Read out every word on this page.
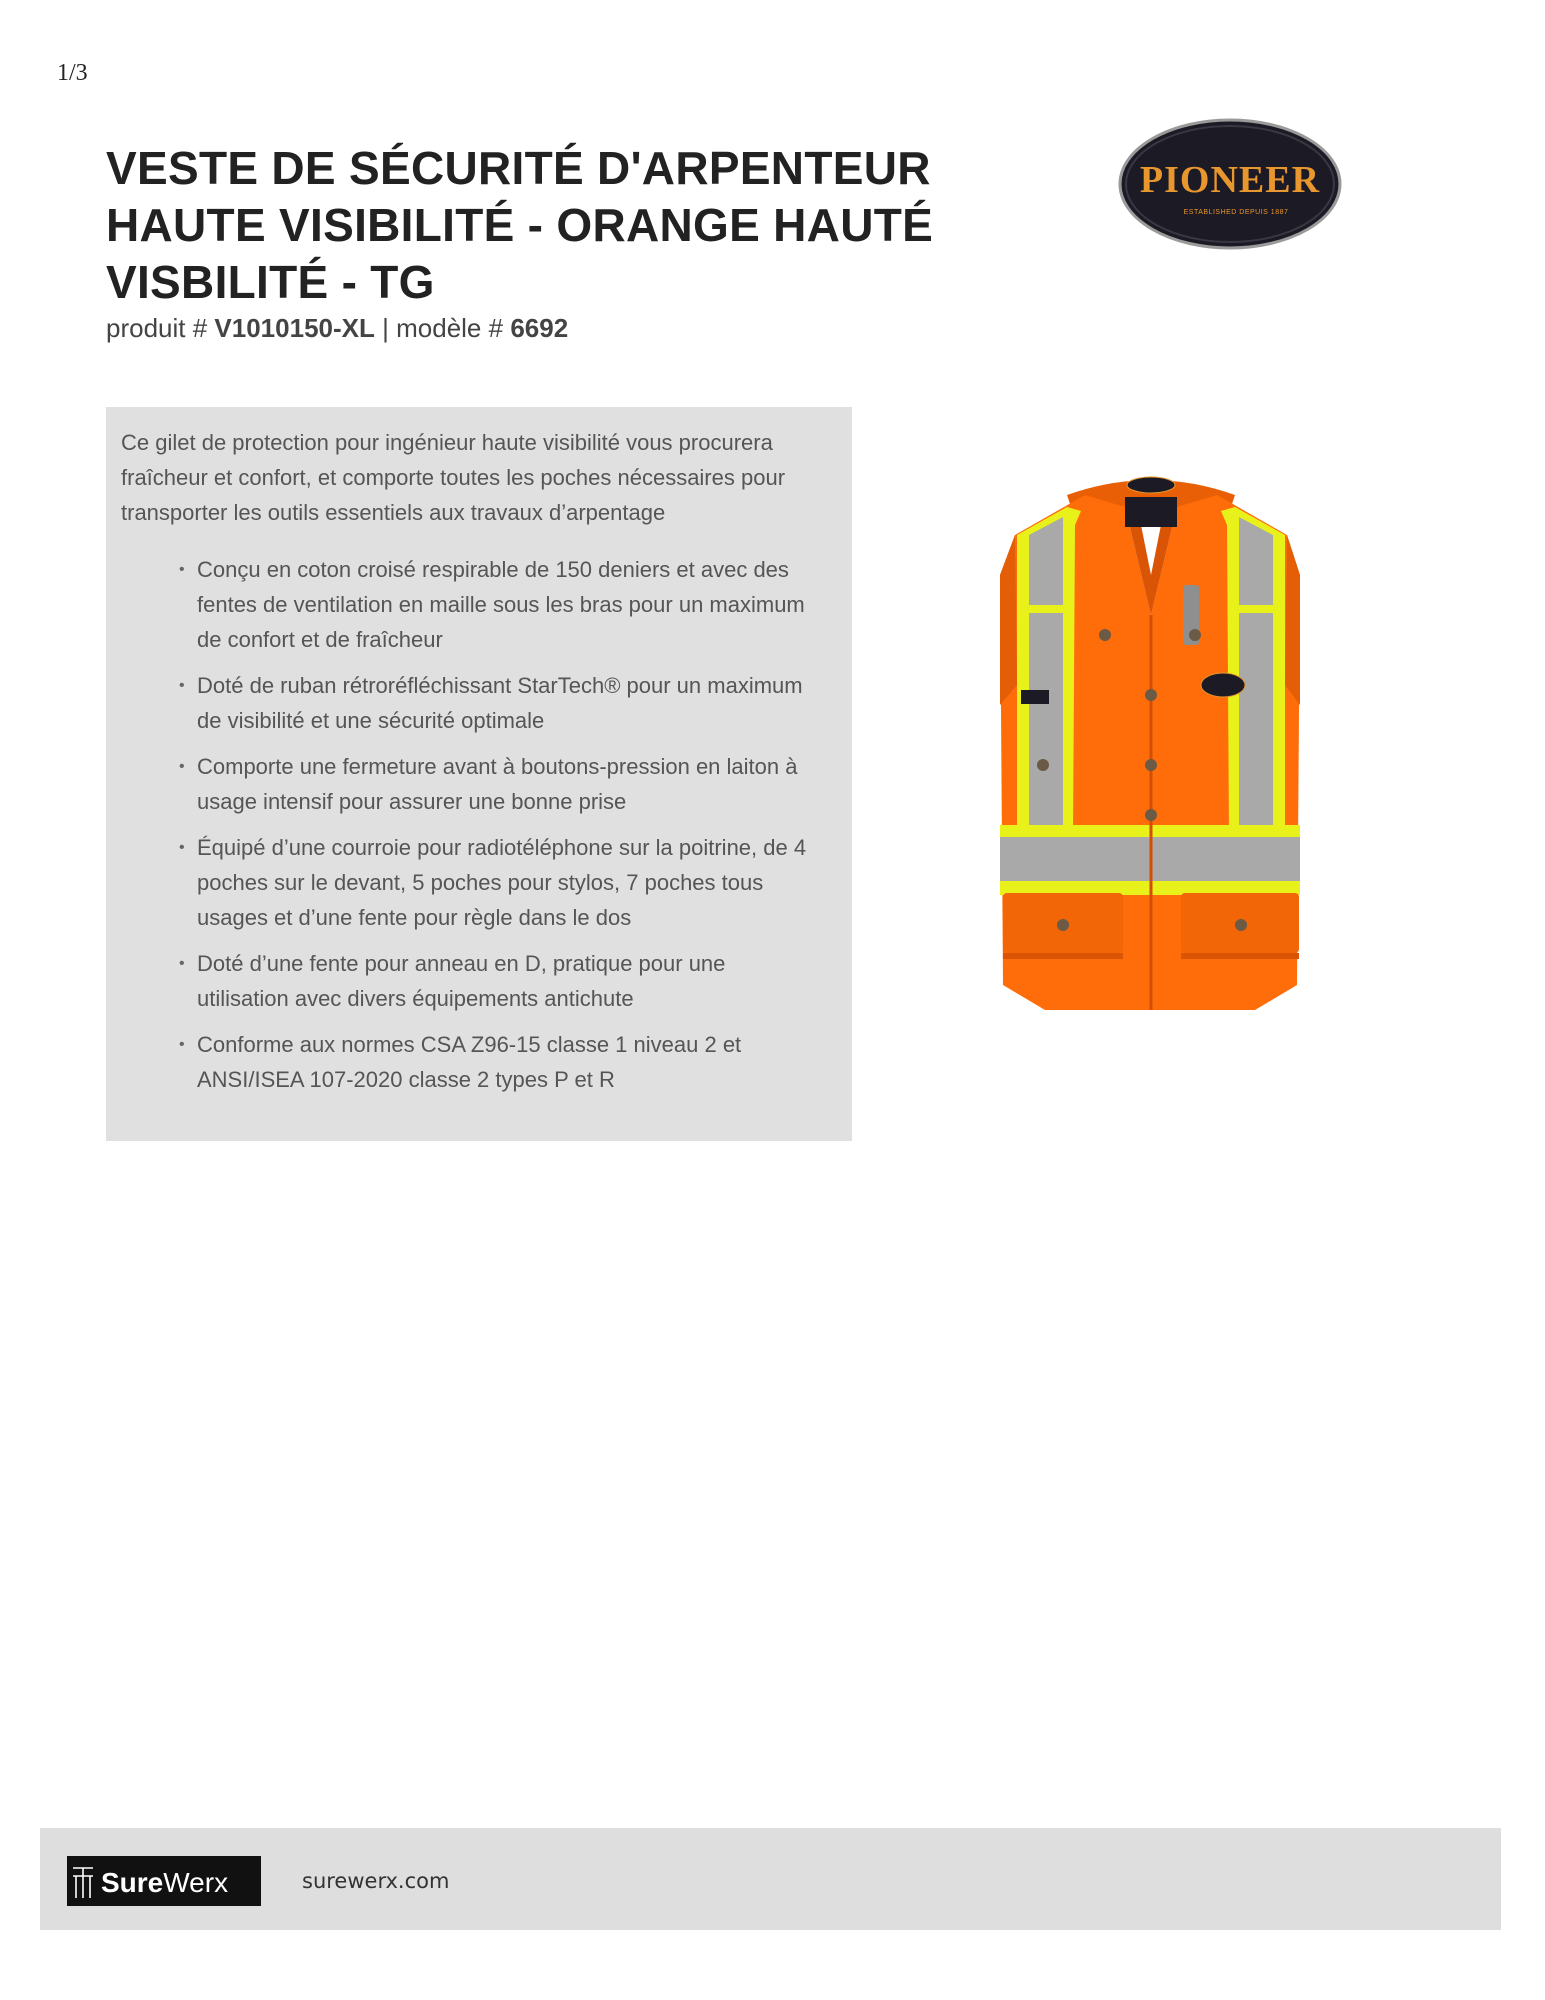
1/3
VESTE DE SÉCURITÉ D'ARPENTEUR HAUTE VISIBILITÉ - ORANGE HAUTÉ VISBILITÉ - TG
produit # V1010150-XL | modèle # 6692
PIONEER
ESTABLISHED DEPUIS 1887

Ce gilet de protection pour ingénieur haute visibilité vous procurera fraîcheur et confort, et comporte toutes les poches nécessaires pour transporter les outils essentiels aux travaux d’arpentage

• Conçu en coton croisé respirable de 150 deniers et avec des fentes de ventilation en maille sous les bras pour un maximum de confort et de fraîcheur
• Doté de ruban rétroréfléchissant StarTech® pour un maximum de visibilité et une sécurité optimale
• Comporte une fermeture avant à boutons-pression en laiton à usage intensif pour assurer une bonne prise
• Équipé d’une courroie pour radiotéléphone sur la poitrine, de 4 poches sur le devant, 5 poches pour stylos, 7 poches tous usages et d’une fente pour règle dans le dos
• Doté d’une fente pour anneau en D, pratique pour une utilisation avec divers équipements antichute
• Conforme aux normes CSA Z96-15 classe 1 niveau 2 et ANSI/ISEA 107-2020 classe 2 types P et R
SureWerx	surewerx.com
